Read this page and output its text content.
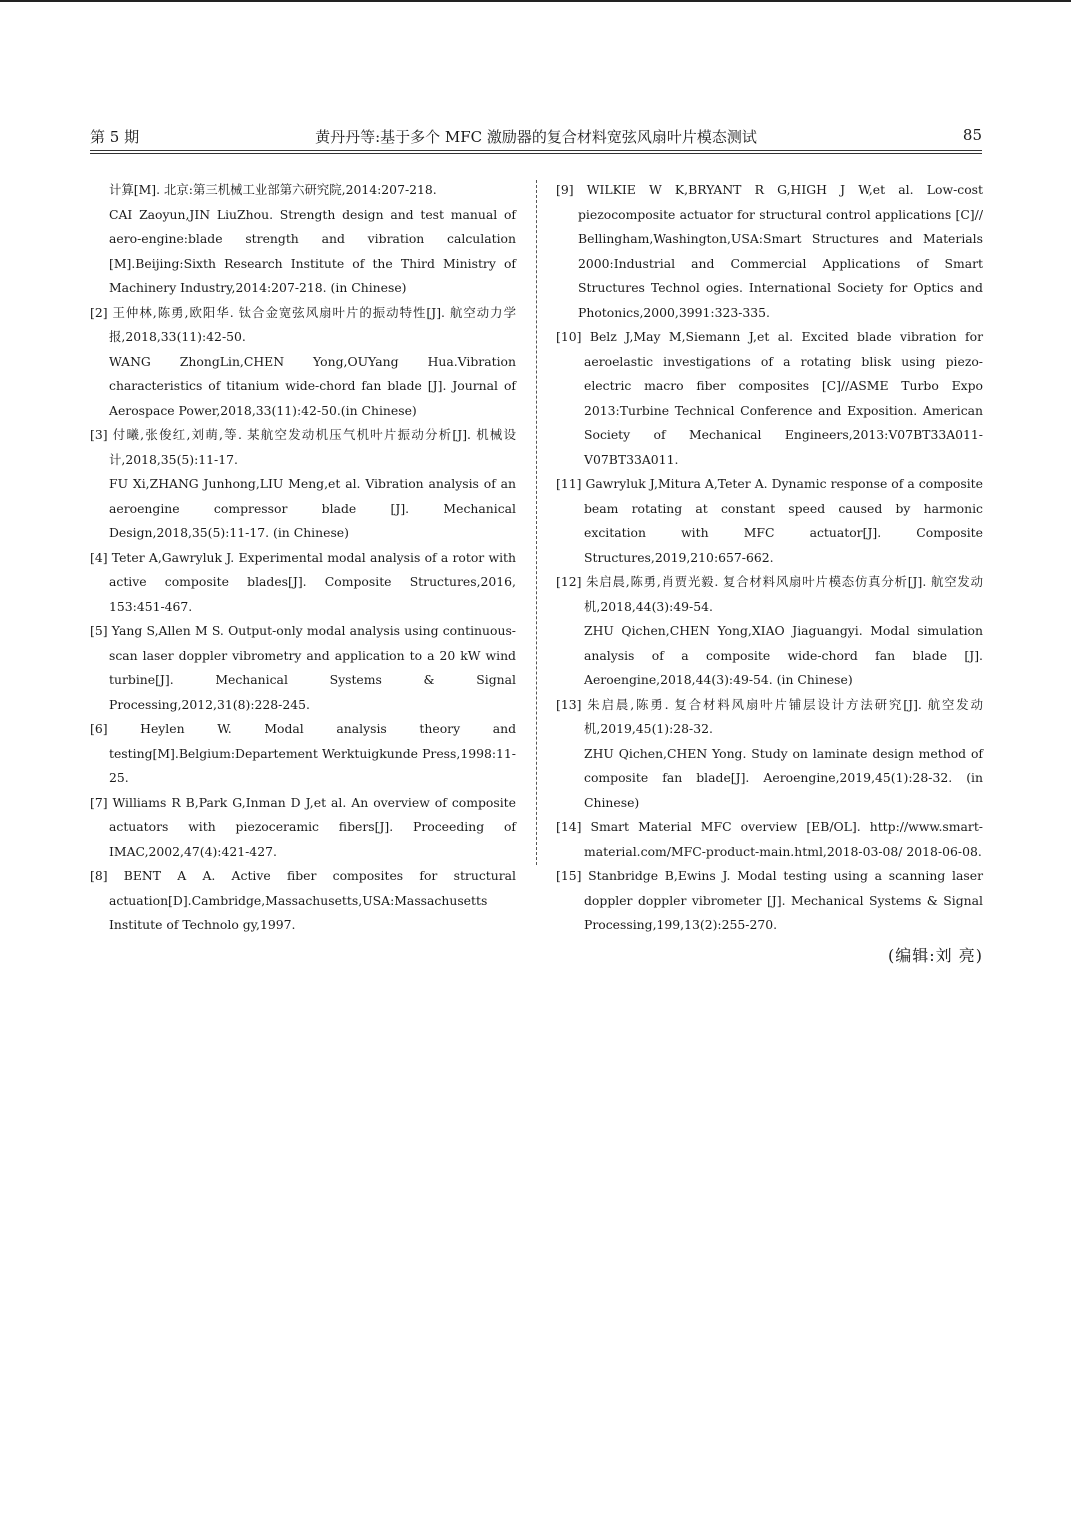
第 5 期	黄丹丹等:基于多个 MFC 激励器的复合材料宽弦风扇叶片模态测试	85

计算[M]. 北京:第三机械工业部第六研究院,2014:207-218.

CAI Zaoyun,JIN LiuZhou. Strength design and test manual of aero-engine:blade strength and vibration calculation [M].Beijing:Sixth Research Institute of the Third Ministry of Machinery Industry,2014:207-218. (in Chinese)

[2] 王仲林,陈勇,欧阳华. 钛合金宽弦风扇叶片的振动特性[J]. 航空动力学报,2018,33(11):42-50.

WANG ZhongLin,CHEN Yong,OUYang Hua.Vibration characteristics of titanium wide-chord fan blade [J]. Journal of Aerospace Power,2018,33(11):42-50.(in Chinese)

[3] 付曦,张俊红,刘萌,等. 某航空发动机压气机叶片振动分析[J]. 机械设计,2018,35(5):11-17.

FU Xi,ZHANG Junhong,LIU Meng,et al. Vibration analysis of an aeroengine compressor blade [J]. Mechanical Design,2018,35(5):11-17. (in Chinese)

[4] Teter A,Gawryluk J. Experimental modal analysis of a rotor with active composite blades[J]. Composite Structures,2016, 153:451-467.

[5] Yang S,Allen M S. Output-only modal analysis using continuous-scan laser doppler vibrometry and application to a 20 kW wind turbine[J]. Mechanical Systems & Signal Processing,2012,31(8):228-245.

[6] Heylen W. Modal analysis theory and testing[M].Belgium:Departement Werktuigkunde Press,1998:11-25.

[7] Williams R B,Park G,Inman D J,et al. An overview of composite actuators with piezoceramic fibers[J]. Proceeding of IMAC,2002,47(4):421-427.

[8] BENT A A. Active fiber composites for structural actuation[D].Cambridge,Massachusetts,USA:Massachusetts Institute of Technolo gy,1997.

[9] WILKIE W K,BRYANT R G,HIGH J W,et al. Low-cost piezocomposite actuator for structural control applications [C]// Bellingham,Washington,USA:Smart Structures and Materials 2000:Industrial and Commercial Applications of Smart Structures Technol ogies. International Society for Optics and Photonics,2000,3991:323-335.

[10] Belz J,May M,Siemann J,et al. Excited blade vibration for aeroelastic investigations of a rotating blisk using piezo-electric macro fiber composites [C]//ASME Turbo Expo 2013:Turbine Technical Conference and Exposition. American Society of Mechanical Engineers,2013:V07BT33A011-V07BT33A011.

[11] Gawryluk J,Mitura A,Teter A. Dynamic response of a composite beam rotating at constant speed caused by harmonic excitation with MFC actuator[J]. Composite Structures,2019,210:657-662.

[12] 朱启晨,陈勇,肖贾光毅. 复合材料风扇叶片模态仿真分析[J]. 航空发动机,2018,44(3):49-54.

ZHU Qichen,CHEN Yong,XIAO Jiaguangyi. Modal simulation analysis of a composite wide-chord fan blade [J]. Aeroengine,2018,44(3):49-54. (in Chinese)

[13] 朱启晨,陈勇. 复合材料风扇叶片铺层设计方法研究[J]. 航空发动机,2019,45(1):28-32.

ZHU Qichen,CHEN Yong. Study on laminate design method of composite fan blade[J]. Aeroengine,2019,45(1):28-32. (in Chinese)

[14] Smart Material MFC overview [EB/OL]. http://www.smart-material.com/MFC-product-main.html,2018-03-08/ 2018-06-08.

[15] Stanbridge B,Ewins J. Modal testing using a scanning laser doppler doppler vibrometer [J]. Mechanical Systems & Signal Processing,199,13(2):255-270.

(编辑:刘 亮)
